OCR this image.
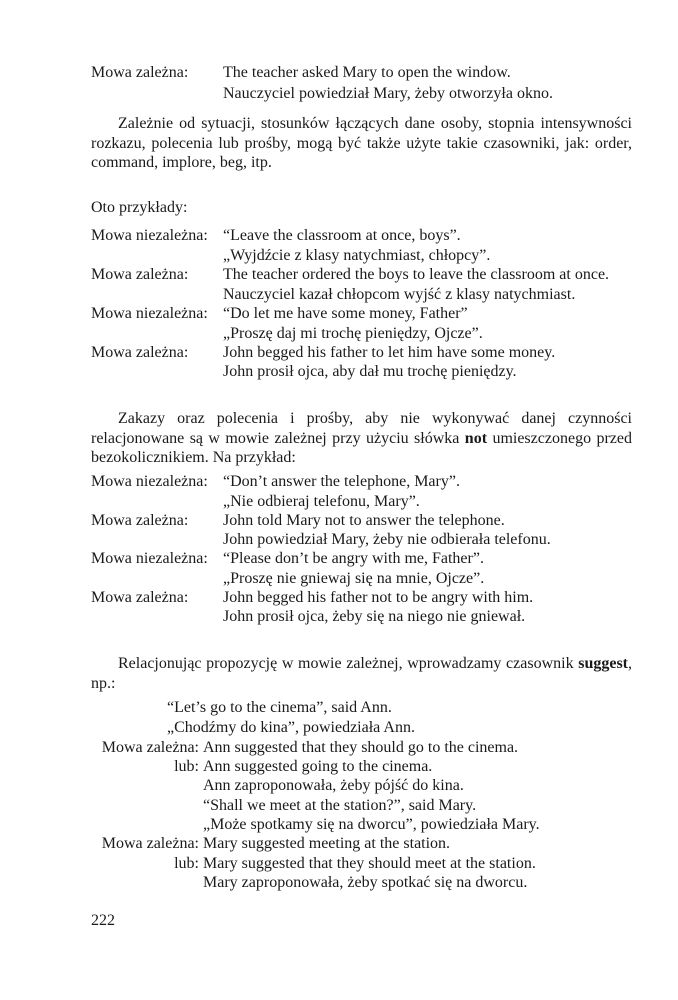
Mowa zależna: The teacher asked Mary to open the window.
Nauczyciel powiedział Mary, żeby otworzyła okno.

Zależnie od sytuacji, stosunków łączących dane osoby, stopnia intensywności rozkazu, polecenia lub prośby, mogą być także użyte takie czasowniki, jak: order, command, implore, beg, itp.

Oto przykłady:
Mowa niezależna: “Leave the classroom at once, boys”.
„Wyjdźcie z klasy natychmiast, chłopcy”.
Mowa zależna: The teacher ordered the boys to leave the classroom at once.
Nauczyciel kazał chłopcom wyjść z klasy natychmiast.
Mowa niezależna: “Do let me have some money, Father”
„Proszę daj mi trochę pieniędzy, Ojcze”.
Mowa zależna: John begged his father to let him have some money.
John prosił ojca, aby dał mu trochę pieniędzy.

Zakazy oraz polecenia i prośby, aby nie wykonywać danej czynności relacjonowane są w mowie zależnej przy użyciu słówka not umieszczonego przed bezokolicznikiem. Na przykład:

Mowa niezależna: “Don’t answer the telephone, Mary”.
„Nie odbieraj telefonu, Mary”.
Mowa zależna: John told Mary not to answer the telephone.
John powiedział Mary, żeby nie odbierała telefonu.
Mowa niezależna: “Please don’t be angry with me, Father”.
„Proszę nie gniewaj się na mnie, Ojcze”.
Mowa zależna: John begged his father not to be angry with him.
John prosił ojca, żeby się na niego nie gniewał.

Relacjonując propozycję w mowie zależnej, wprowadzamy czasownik suggest, np.:

“Let’s go to the cinema”, said Ann.
„Chodźmy do kina”, powiedziała Ann.
Mowa zależna: Ann suggested that they should go to the cinema.
lub: Ann suggested going to the cinema.
Ann zaproponowała, żeby pójść do kina.
“Shall we meet at the station?”, said Mary.
„Może spotkamy się na dworcu”, powiedziała Mary.
Mowa zależna: Mary suggested meeting at the station.
lub: Mary suggested that they should meet at the station.
Mary zaproponowała, żeby spotkać się na dworcu.
222
